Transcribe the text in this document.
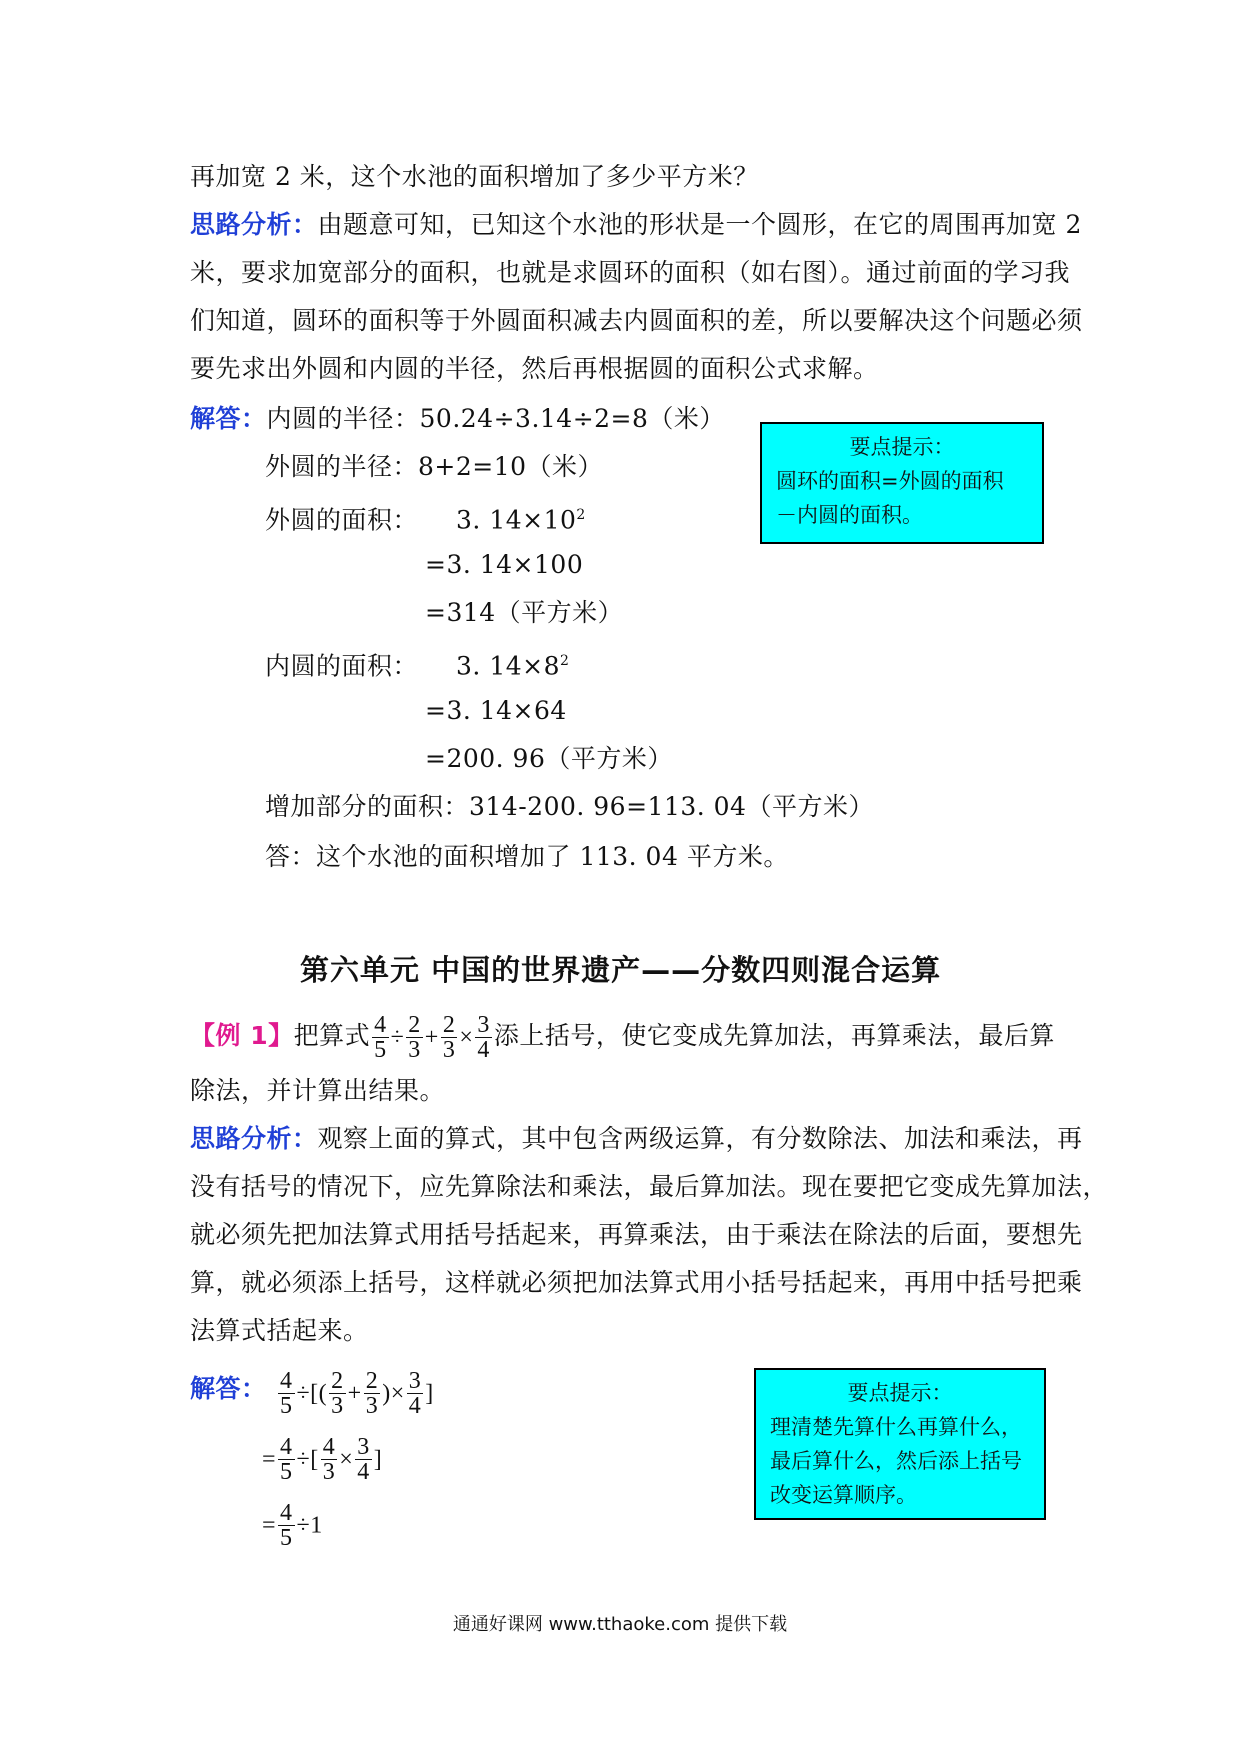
再加宽 2 米，这个水池的面积增加了多少平方米？
思路分析：由题意可知，已知这个水池的形状是一个圆形，在它的周围再加宽 2
米，要求加宽部分的面积，也就是求圆环的面积（如右图）。通过前面的学习我
们知道，圆环的面积等于外圆面积减去内圆面积的差，所以要解决这个问题必须
要先求出外圆和内圆的半径，然后再根据圆的面积公式求解。
解答：内圆的半径：50.24÷3.14÷2=8（米）
外圆的半径：8+2=10（米）
外圆的面积： 3. $14\times 10^2$
=3. 14×100
=314（平方米）
内圆的面积： 3. $14\times 8^2$
=3. 14×64
=200. 96（平方米）
增加部分的面积：314-200. 96=113. 04（平方米）
答：这个水池的面积增加了 113. 04 平方米。
要点提示：
圆环的面积=外圆的面积
－内圆的面积。
第六单元 中国的世界遗产——分数四则混合运算
【例 1】把算式 $\frac{4}{5} \div \frac{2}{3} + \frac{2}{3} \times \frac{3}{4}$ 添上括号，使它变成先算加法，再算乘法，最后算
除法，并计算出结果。
思路分析：观察上面的算式，其中包含两级运算，有分数除法、加法和乘法，再
没有括号的情况下，应先算除法和乘法，最后算加法。现在要把它变成先算加法，
就必须先把加法算式用括号括起来，再算乘法，由于乘法在除法的后面，要想先
算，就必须添上括号，这样就必须把加法算式用小括号括起来，再用中括号把乘
法算式括起来。
解答： $\frac{4}{5}$ ÷[( $\frac{2}{3} + \frac{2}{3}$ )× $\frac{3}{4}$ ]
= $\frac{4}{5}$ ÷[ $\frac{4}{3} \times \frac{3}{4}$ ]
= $\frac{4}{5} \div 1$
要点提示：
理清楚先算什么再算什么，
最后算什么，然后添上括号
改变运算顺序。
通通好课网 www.tthaoke.com 提供下载
